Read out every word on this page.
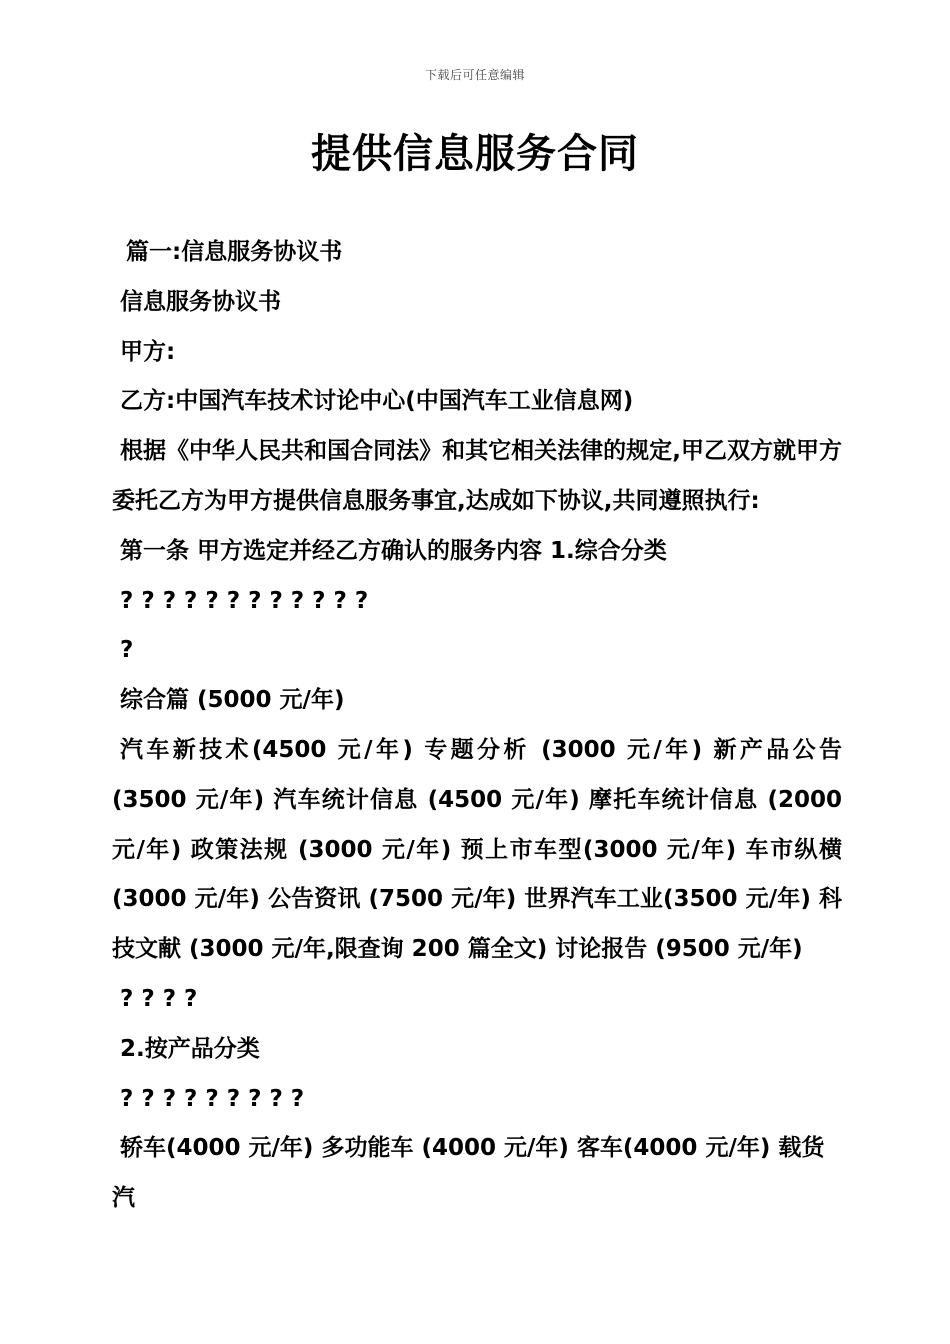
下载后可任意编辑
提供信息服务合同

篇一:信息服务协议书

信息服务协议书

甲方:

乙方:中国汽车技术讨论中心(中国汽车工业信息网)

根据《中华人民共和国合同法》和其它相关法律的规定,甲乙双方就甲方委托乙方为甲方提供信息服务事宜,达成如下协议,共同遵照执行:

第一条 甲方选定并经乙方确认的服务内容 1.综合分类

? ? ? ? ? ? ? ? ? ? ? ?

?

综合篇 (5000 元/年)

汽车新技术(4500 元/年) 专题分析 (3000 元/年) 新产品公告 (3500 元/年) 汽车统计信息 (4500 元/年) 摩托车统计信息 (2000 元/年) 政策法规 (3000 元/年) 预上市车型(3000 元/年) 车市纵横 (3000 元/年) 公告资讯 (7500 元/年) 世界汽车工业(3500 元/年) 科技文献 (3000 元/年,限查询 200 篇全文) 讨论报告 (9500 元/年)

? ? ? ?

2.按产品分类

? ? ? ? ? ? ? ? ?

轿车(4000 元/年) 多功能车 (4000 元/年) 客车(4000 元/年) 载货汽
